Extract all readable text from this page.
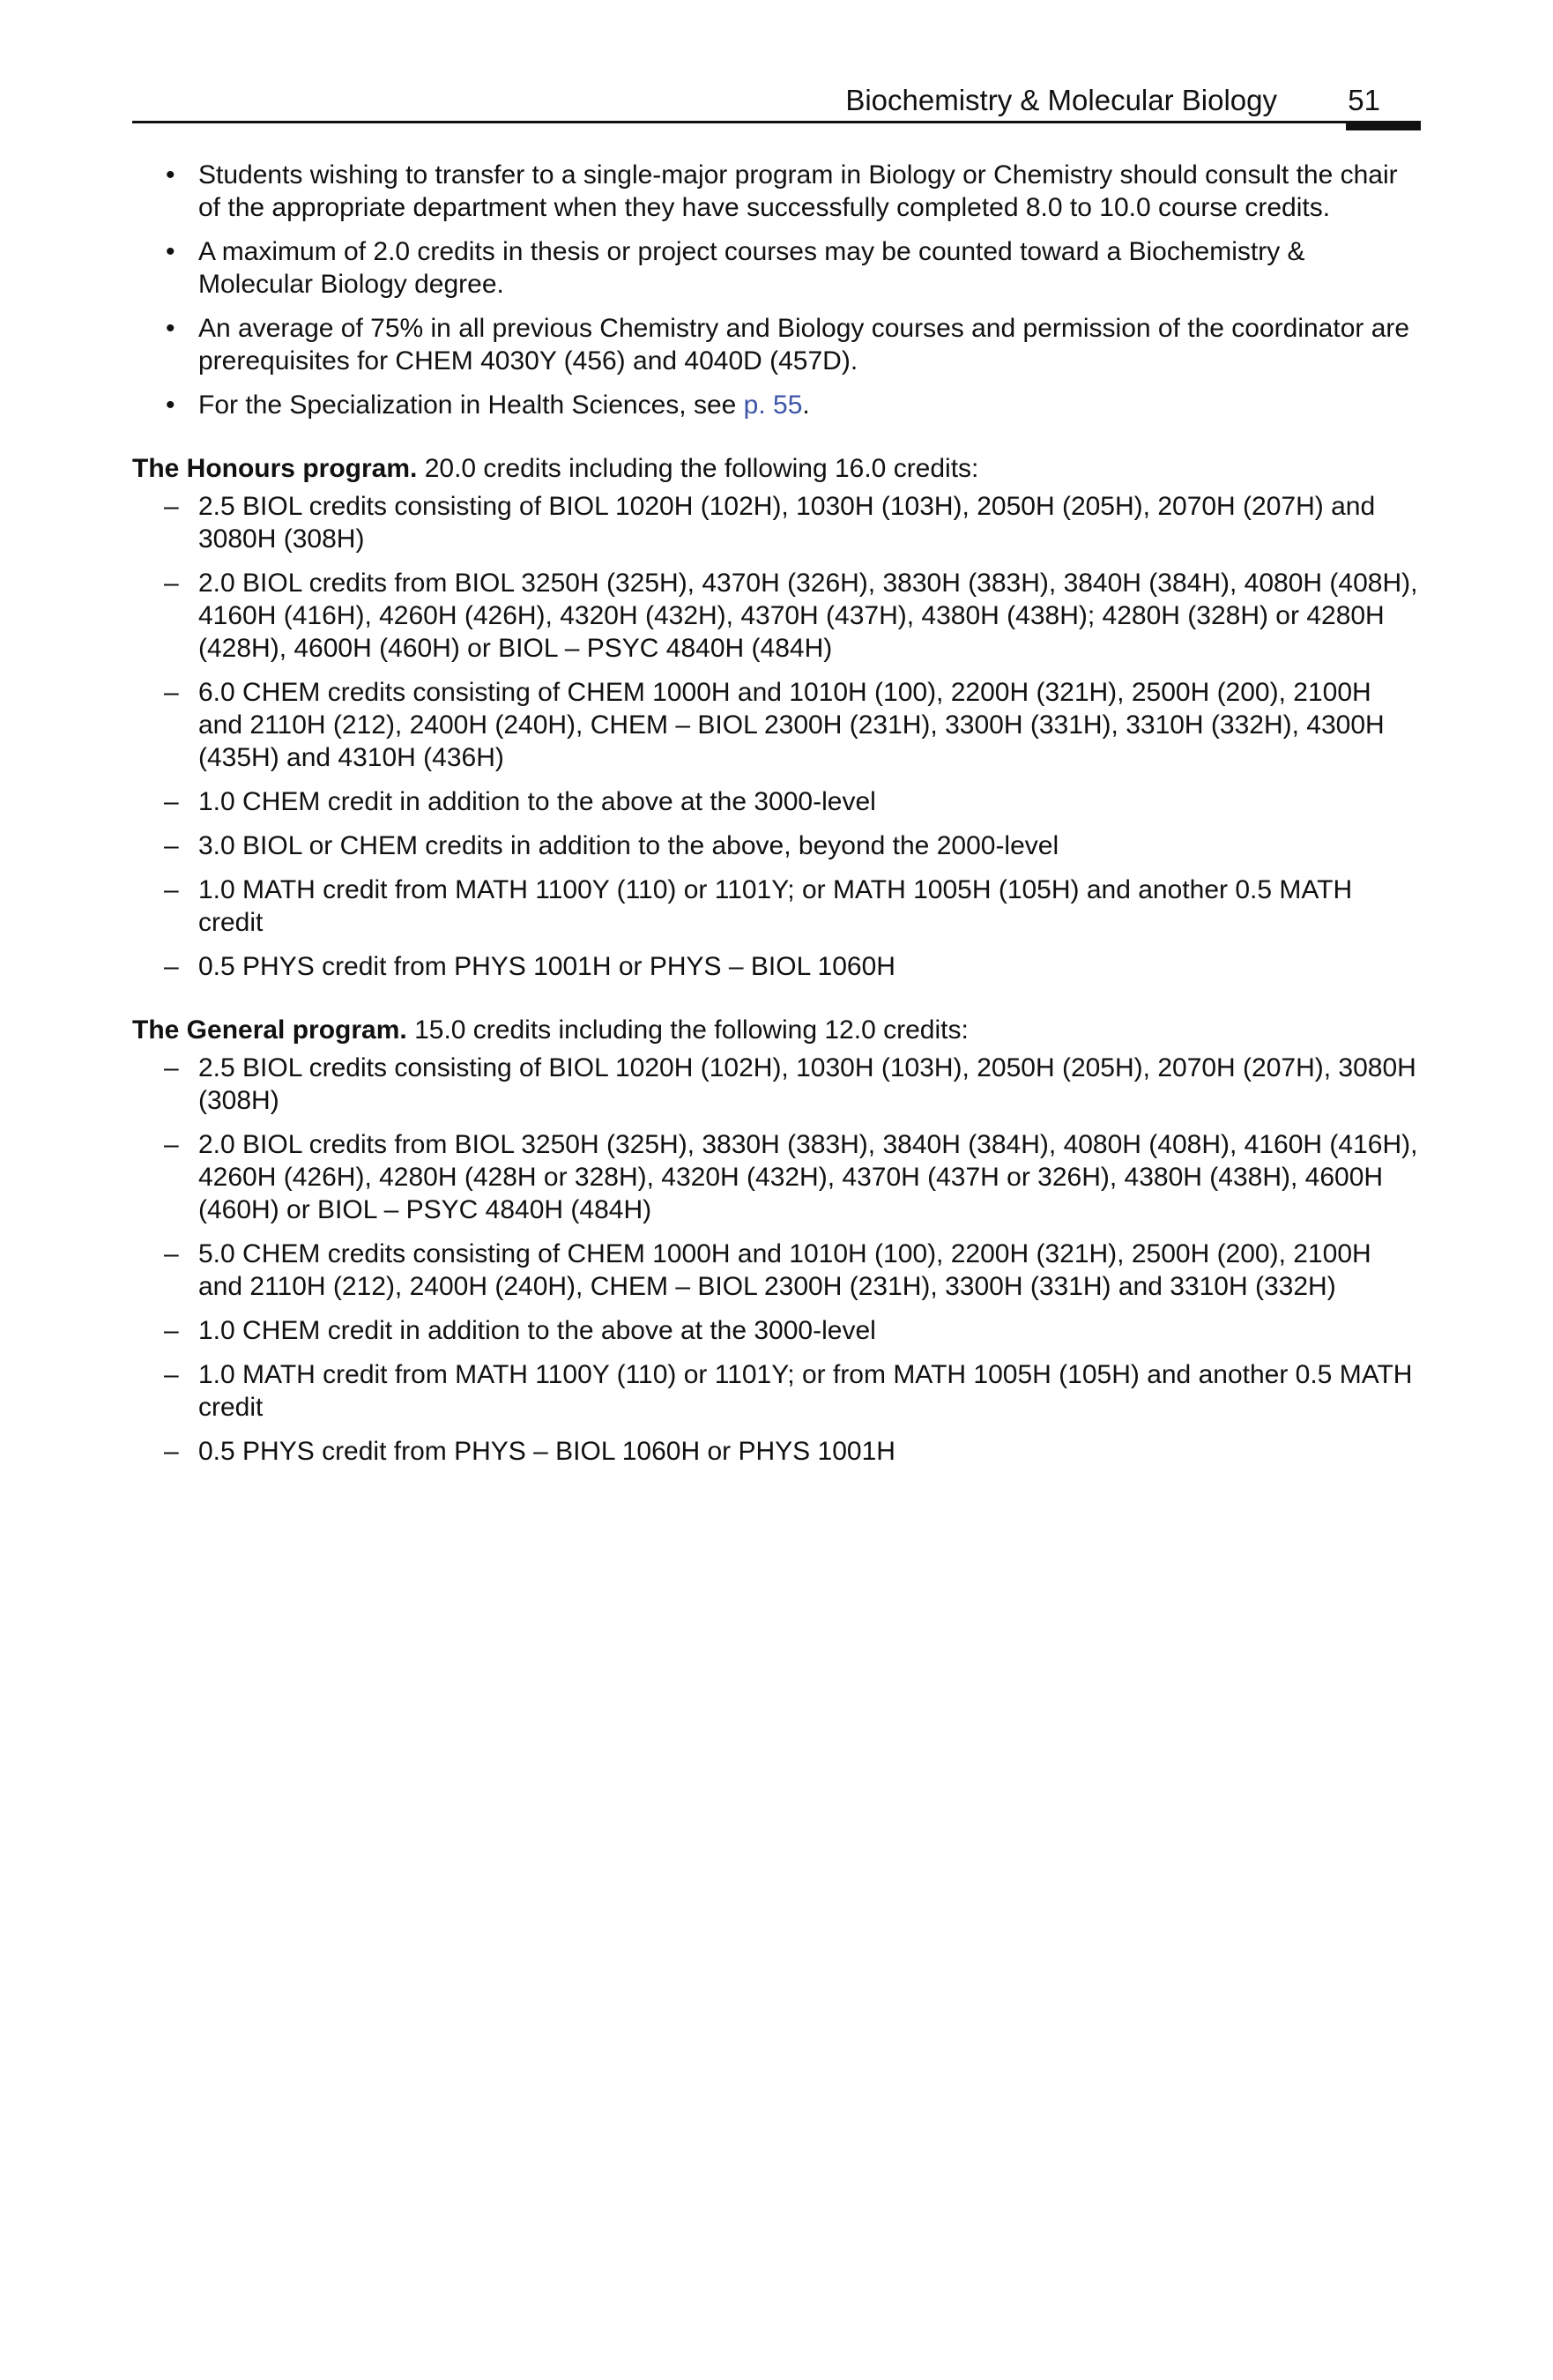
Biochemistry & Molecular Biology 51
• Students wishing to transfer to a single-major program in Biology or Chemistry should consult the chair of the appropriate department when they have successfully completed 8.0 to 10.0 course credits.
• A maximum of 2.0 credits in thesis or project courses may be counted toward a Biochemistry & Molecular Biology degree.
• An average of 75% in all previous Chemistry and Biology courses and permission of the coordinator are prerequisites for CHEM 4030Y (456) and 4040D (457D).
• For the Specialization in Health Sciences, see p. 55.

The Honours program. 20.0 credits including the following 16.0 credits:

– 2.5 BIOL credits consisting of BIOL 1020H (102H), 1030H (103H), 2050H (205H), 2070H (207H) and 3080H (308H)
– 2.0 BIOL credits from BIOL 3250H (325H), 4370H (326H), 3830H (383H), 3840H (384H), 4080H (408H), 4160H (416H), 4260H (426H), 4320H (432H), 4370H (437H), 4380H (438H); 4280H (328H) or 4280H (428H), 4600H (460H) or BIOL – PSYC 4840H (484H)
– 6.0 CHEM credits consisting of CHEM 1000H and 1010H (100), 2200H (321H), 2500H (200), 2100H and 2110H (212), 2400H (240H), CHEM – BIOL 2300H (231H), 3300H (331H), 3310H (332H), 4300H (435H) and 4310H (436H)
– 1.0 CHEM credit in addition to the above at the 3000-level
– 3.0 BIOL or CHEM credits in addition to the above, beyond the 2000-level
– 1.0 MATH credit from MATH 1100Y (110) or 1101Y; or MATH 1005H (105H) and another 0.5 MATH credit
– 0.5 PHYS credit from PHYS 1001H or PHYS – BIOL 1060H

The General program. 15.0 credits including the following 12.0 credits:

– 2.5 BIOL credits consisting of BIOL 1020H (102H), 1030H (103H), 2050H (205H), 2070H (207H), 3080H (308H)
– 2.0 BIOL credits from BIOL 3250H (325H), 3830H (383H), 3840H (384H), 4080H (408H), 4160H (416H), 4260H (426H), 4280H (428H or 328H), 4320H (432H), 4370H (437H or 326H), 4380H (438H), 4600H (460H) or BIOL – PSYC 4840H (484H)
– 5.0 CHEM credits consisting of CHEM 1000H and 1010H (100), 2200H (321H), 2500H (200), 2100H and 2110H (212), 2400H (240H), CHEM – BIOL 2300H (231H), 3300H (331H) and 3310H (332H)
– 1.0 CHEM credit in addition to the above at the 3000-level
– 1.0 MATH credit from MATH 1100Y (110) or 1101Y; or from MATH 1005H (105H) and another 0.5 MATH credit
– 0.5 PHYS credit from PHYS – BIOL 1060H or PHYS 1001H
